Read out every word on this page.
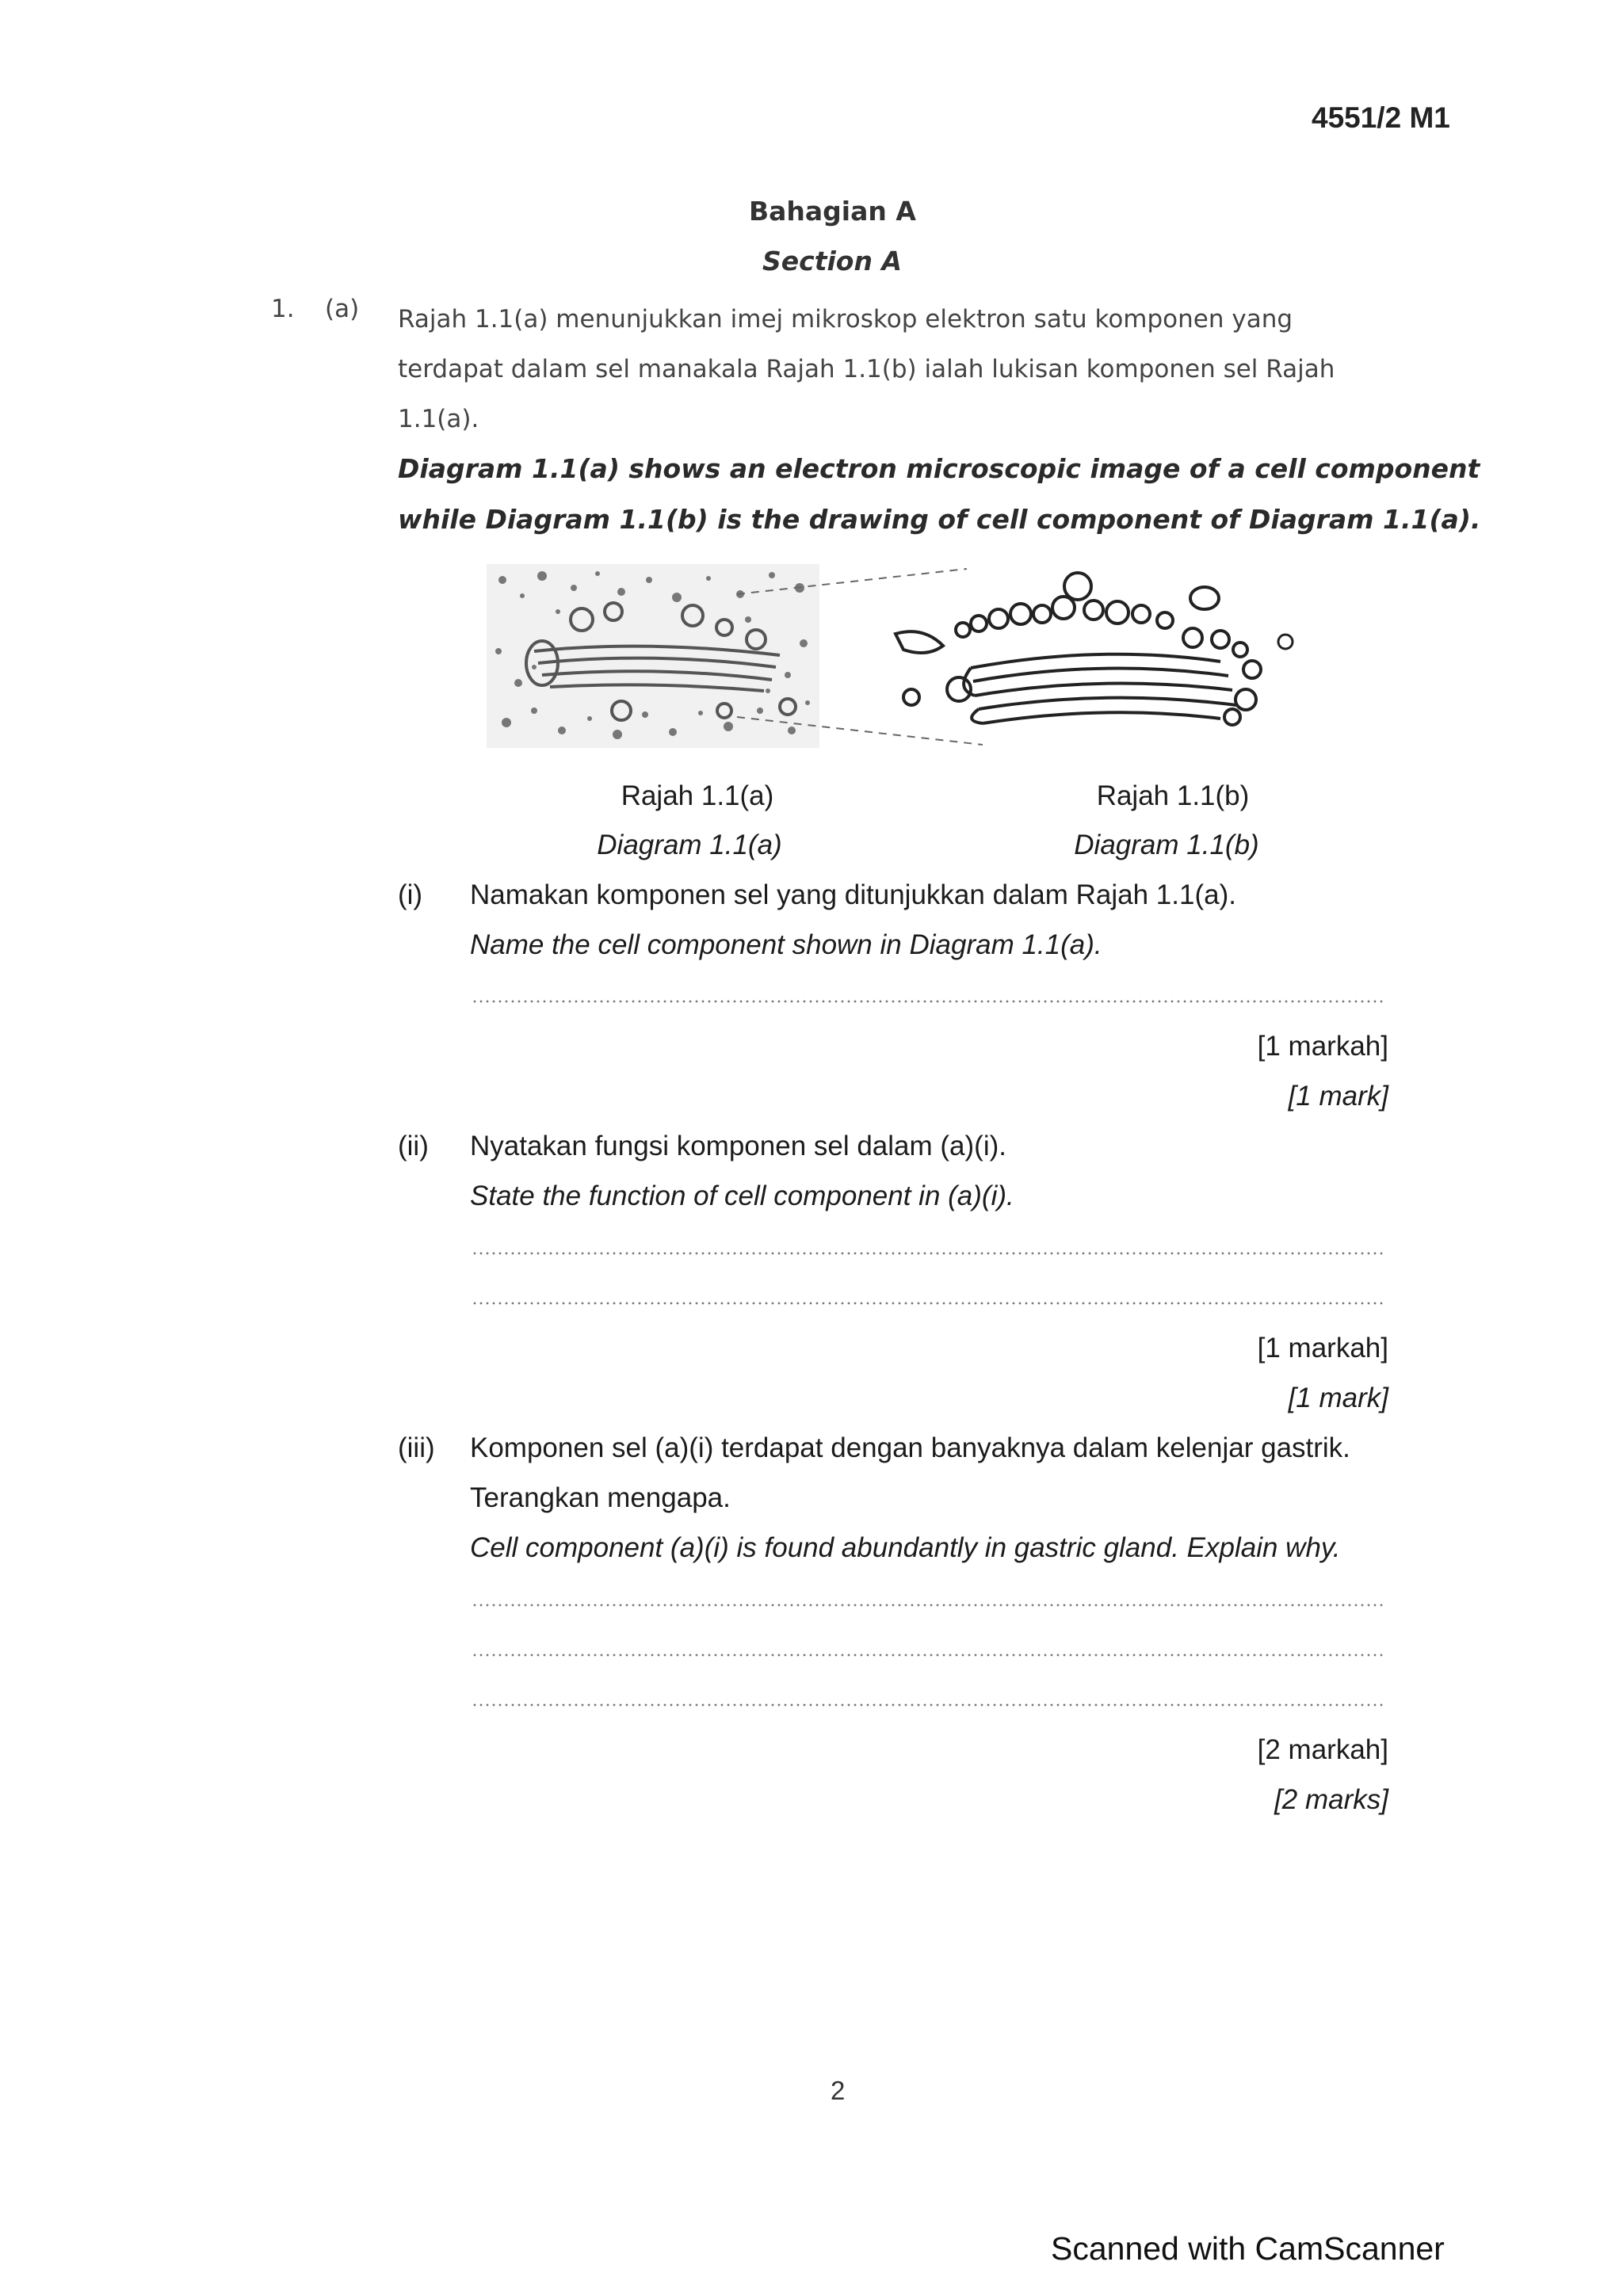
4551/2 M1
Bahagian A
Section A
1. (a) Rajah 1.1(a) menunjukkan imej mikroskop elektron satu komponen yang
terdapat dalam sel manakala Rajah 1.1(b) ialah lukisan komponen sel Rajah
1.1(a).
Diagram 1.1(a) shows an electron microscopic image of a cell component
while Diagram 1.1(b) is the drawing of cell component of Diagram 1.1(a).
Rajah 1.1(a)
Diagram 1.1(a)
Rajah 1.1(b)
Diagram 1.1(b)
(i) Namakan komponen sel yang ditunjukkan dalam Rajah 1.1(a).
Name the cell component shown in Diagram 1.1(a).
[1 markah]
[1 mark]
(ii) Nyatakan fungsi komponen sel dalam (a)(i).
State the function of cell component in (a)(i).
[1 markah]
[1 mark]
(iii) Komponen sel (a)(i) terdapat dengan banyaknya dalam kelenjar gastrik.
Terangkan mengapa.
Cell component (a)(i) is found abundantly in gastric gland. Explain why.
[2 markah]
[2 marks]
2
Scanned with CamScanner
